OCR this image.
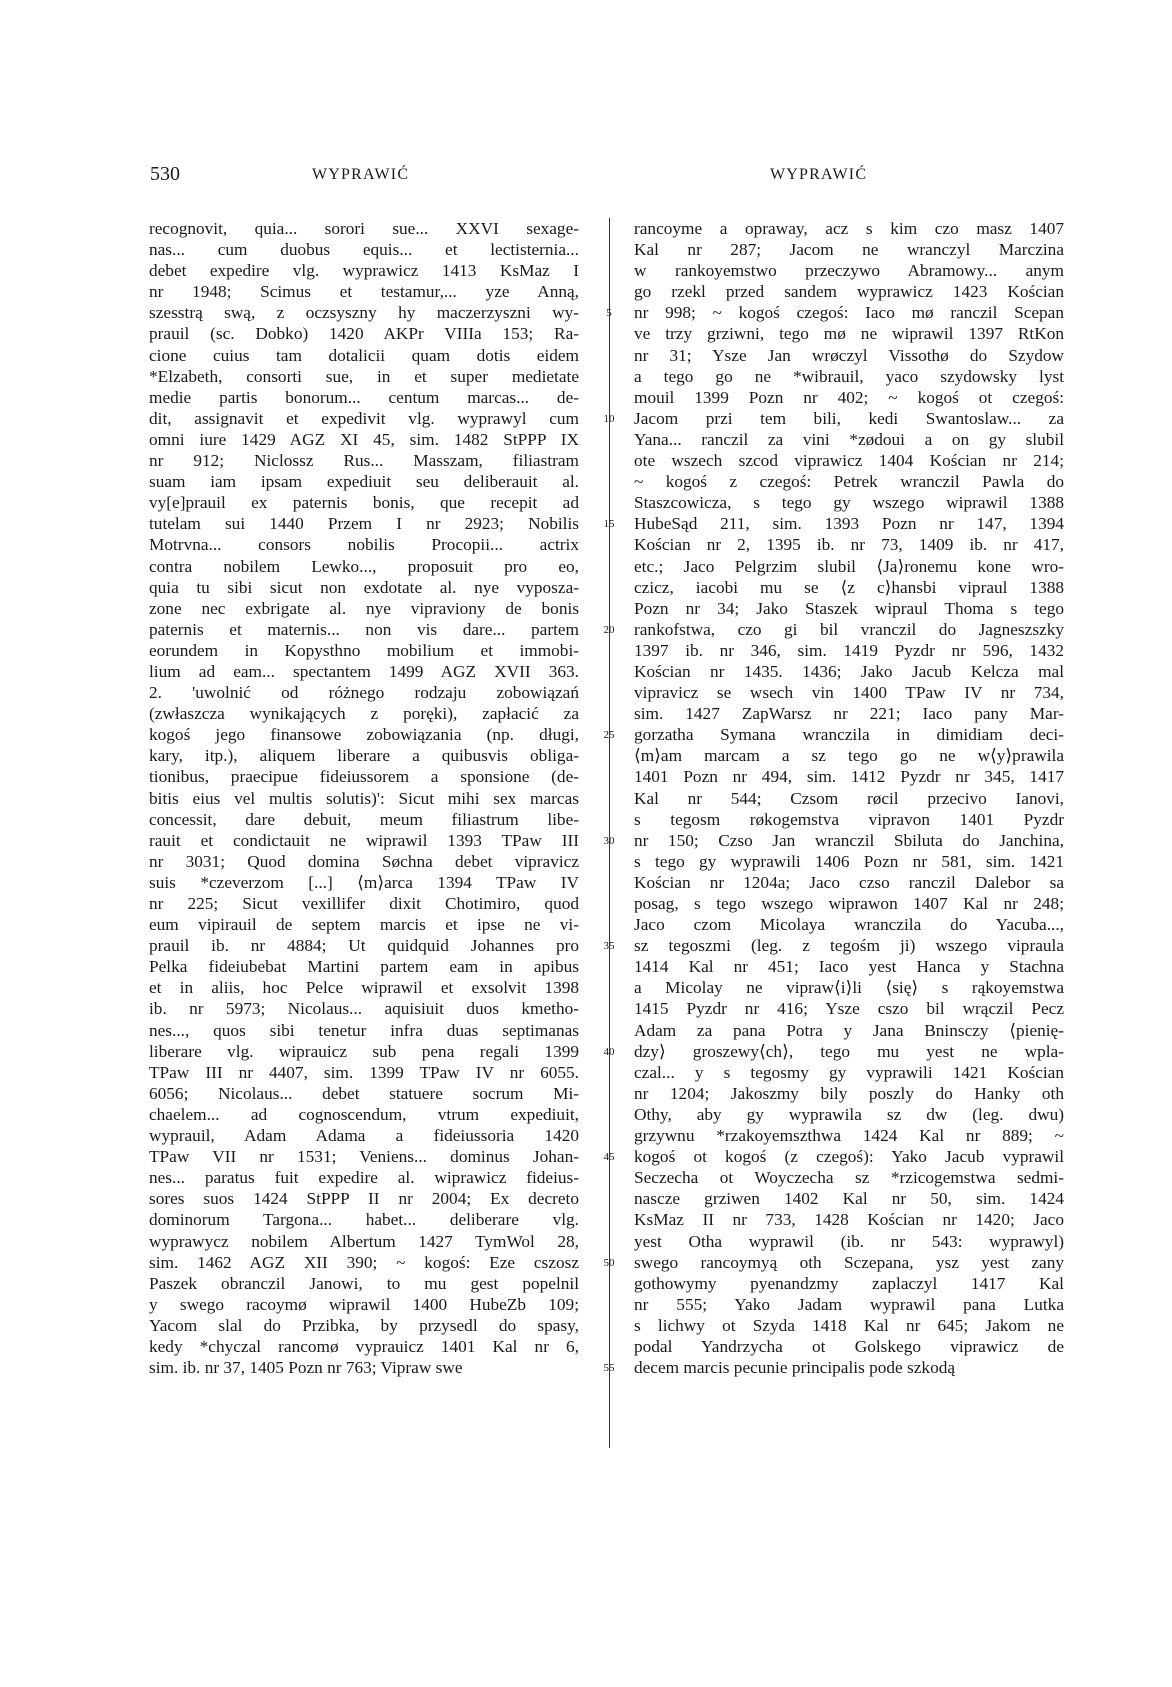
530	WYPRAWIĆ	WYPRAWIĆ
recognovit, quia... sorori sue... XXVI sexage-
nas... cum duobus equis... et lectisternia...
debet expedire vlg. wyprawicz 1413 KsMaz I
nr 1948; Scimus et testamur,... yze Anną,
szesstrą swą, z oczsyszny hy maczerzyszni wy-
prauil (sc. Dobko) 1420 AKPr VIIIa 153; Ra-
cione cuius tam dotalicii quam dotis eidem
*Elzabeth, consorti sue, in et super medietate
medie partis bonorum... centum marcas... de-
dit, assignavit et expedivit vlg. wyprawyl cum
omni iure 1429 AGZ XI 45, sim. 1482 StPPP IX
nr 912; Niclossz Rus... Masszam, filiastram
suam iam ipsam expediuit seu deliberauit al.
vy[e]prauil ex paternis bonis, que recepit ad
tutelam sui 1440 Przem I nr 2923; Nobilis
Motrvna... consors nobilis Procopii... actrix
contra nobilem Lewko..., proposuit pro eo,
quia tu sibi sicut non exdotate al. nye vyposza-
zone nec exbrigate al. nye vipraviony de bonis
paternis et maternis... non vis dare... partem
eorundem in Kopysthno mobilium et immobi-
lium ad eam... spectantem 1499 AGZ XVII 363.
2. 'uwolnić od różnego rodzaju zobowiązań
(zwłaszcza wynikających z poręki), zapłacić za
kogoś jego finansowe zobowiązania (np. długi,
kary, itp.), aliquem liberare a quibusvis obliga-
tionibus, praecipue fideiussorem a sponsione (de-
bitis eius vel multis solutis)': Sicut mihi sex marcas
concessit, dare debuit, meum filiastrum libe-
rauit et condictauit ne wiprawil 1393 TPaw III
nr 3031; Quod domina Søchna debet vipravicz
suis *czeverzom [...] ⟨m⟩arca 1394 TPaw IV
nr 225; Sicut vexillifer dixit Chotimiro, quod
eum vipirauil de septem marcis et ipse ne vi-
prauil ib. nr 4884; Ut quidquid Johannes pro
Pelka fideiubebat Martini partem eam in apibus
et in aliis, hoc Pelce wiprawil et exsolvit 1398
ib. nr 5973; Nicolaus... aquisiuit duos kmetho-
nes..., quos sibi tenetur infra duas septimanas
liberare vlg. wiprauicz sub pena regali 1399
TPaw III nr 4407, sim. 1399 TPaw IV nr 6055.
6056; Nicolaus... debet statuere socrum Mi-
chaelem... ad cognoscendum, vtrum expediuit,
wyprauil, Adam Adama a fideiussoria 1420
TPaw VII nr 1531; Veniens... dominus Johan-
nes... paratus fuit expedire al. wiprawicz fideius-
sores suos 1424 StPPP II nr 2004; Ex decreto
dominorum Targona... habet... deliberare vlg.
wyprawycz nobilem Albertum 1427 TymWol 28,
sim. 1462 AGZ XII 390; ~ kogoś: Eze cszosz
Paszek obranczil Janowi, to mu gest popelnil
y swego racoymø wiprawil 1400 HubeZb 109;
Yacom slal do Przibka, by przysedl do spasy,
kedy *chyczal rancomø vyprauicz 1401 Kal nr 6,
sim. ib. nr 37, 1405 Pozn nr 763; Vipraw swe
5
10
15
20
25
30
35
40
45
50
55
rancoyme a opraway, acz s kim czo masz 1407
Kal nr 287; Jacom ne wranczyl Marczina
w rankoyemstwo przeczywo Abramowy... anym
go rzekl przed sandem wyprawicz 1423 Kościan
nr 998; ~ kogoś czegoś: Iaco mø ranczil Scepan
ve trzy grziwni, tego mø ne wiprawil 1397 RtKon
nr 31; Ysze Jan wrøczyl Vissothø do Szydow
a tego go ne *wibrauil, yaco szydowsky lyst
mouil 1399 Pozn nr 402; ~ kogoś ot czegoś:
Jacom przi tem bili, kedi Swantoslaw... za
Yana... ranczil za vini *zødoui a on gy slubil
ote wszech szcod viprawicz 1404 Kościan nr 214;
~ kogoś z czegoś: Petrek wranczil Pawla do
Staszcowicza, s tego gy wszego wiprawil 1388
HubeSąd 211, sim. 1393 Pozn nr 147, 1394
Kościan nr 2, 1395 ib. nr 73, 1409 ib. nr 417,
etc.; Jaco Pelgrzim slubil ⟨Ja⟩ronemu kone wro-
czicz, iacobi mu se ⟨z c⟩hansbi vipraul 1388
Pozn nr 34; Jako Staszek wipraul Thoma s tego
rankofstwa, czo gi bil vranczil do Jagneszszky
1397 ib. nr 346, sim. 1419 Pyzdr nr 596, 1432
Kościan nr 1435. 1436; Jako Jacub Kelcza mal
vipravicz se wsech vin 1400 TPaw IV nr 734,
sim. 1427 ZapWarsz nr 221; Iaco pany Mar-
gorzatha Symana wranczila in dimidiam deci-
⟨m⟩am marcam a sz tego go ne w⟨y⟩prawila
1401 Pozn nr 494, sim. 1412 Pyzdr nr 345, 1417
Kal nr 544; Czsom røcil przecivo Ianovi,
s tegosm røkogemstva vipravon 1401 Pyzdr
nr 150; Czso Jan wranczil Sbiluta do Janchina,
s tego gy wyprawili 1406 Pozn nr 581, sim. 1421
Kościan nr 1204a; Jaco czso ranczil Dalebor sa
posag, s tego wszego wiprawon 1407 Kal nr 248;
Jaco czom Micolaya wranczila do Yacuba...,
sz tegoszmi (leg. z tegośm ji) wszego vipraula
1414 Kal nr 451; Iaco yest Hanca y Stachna
a Micolay ne vipraw⟨i⟩li ⟨się⟩ s rąkoyemstwa
1415 Pyzdr nr 416; Ysze cszo bil wrączil Pecz
Adam za pana Potra y Jana Bninsczy ⟨pienię-
dzy⟩ groszewy⟨ch⟩, tego mu yest ne wpla-
czal... y s tegosmy gy vyprawili 1421 Kościan
nr 1204; Jakoszmy bily poszly do Hanky oth
Othy, aby gy wyprawila sz dw (leg. dwu)
grzywnu *rzakoyemszthwa 1424 Kal nr 889; ~
kogoś ot kogoś (z czegoś): Yako Jacub vyprawil
Seczecha ot Woyczecha sz *rzicogemstwa sedmi-
nascze grziwen 1402 Kal nr 50, sim. 1424
KsMaz II nr 733, 1428 Kościan nr 1420; Jaco
yest Otha wyprawil (ib. nr 543: wyprawyl)
swego rancoymyą oth Sczepana, ysz yest zany
gothowymy pyenandzmy zaplaczyl 1417 Kal
nr 555; Yako Jadam wyprawil pana Lutka
s lichwy ot Szyda 1418 Kal nr 645; Jakom ne
podal Yandrzycha ot Golskego viprawicz de
decem marcis pecunie principalis pode szkodą
